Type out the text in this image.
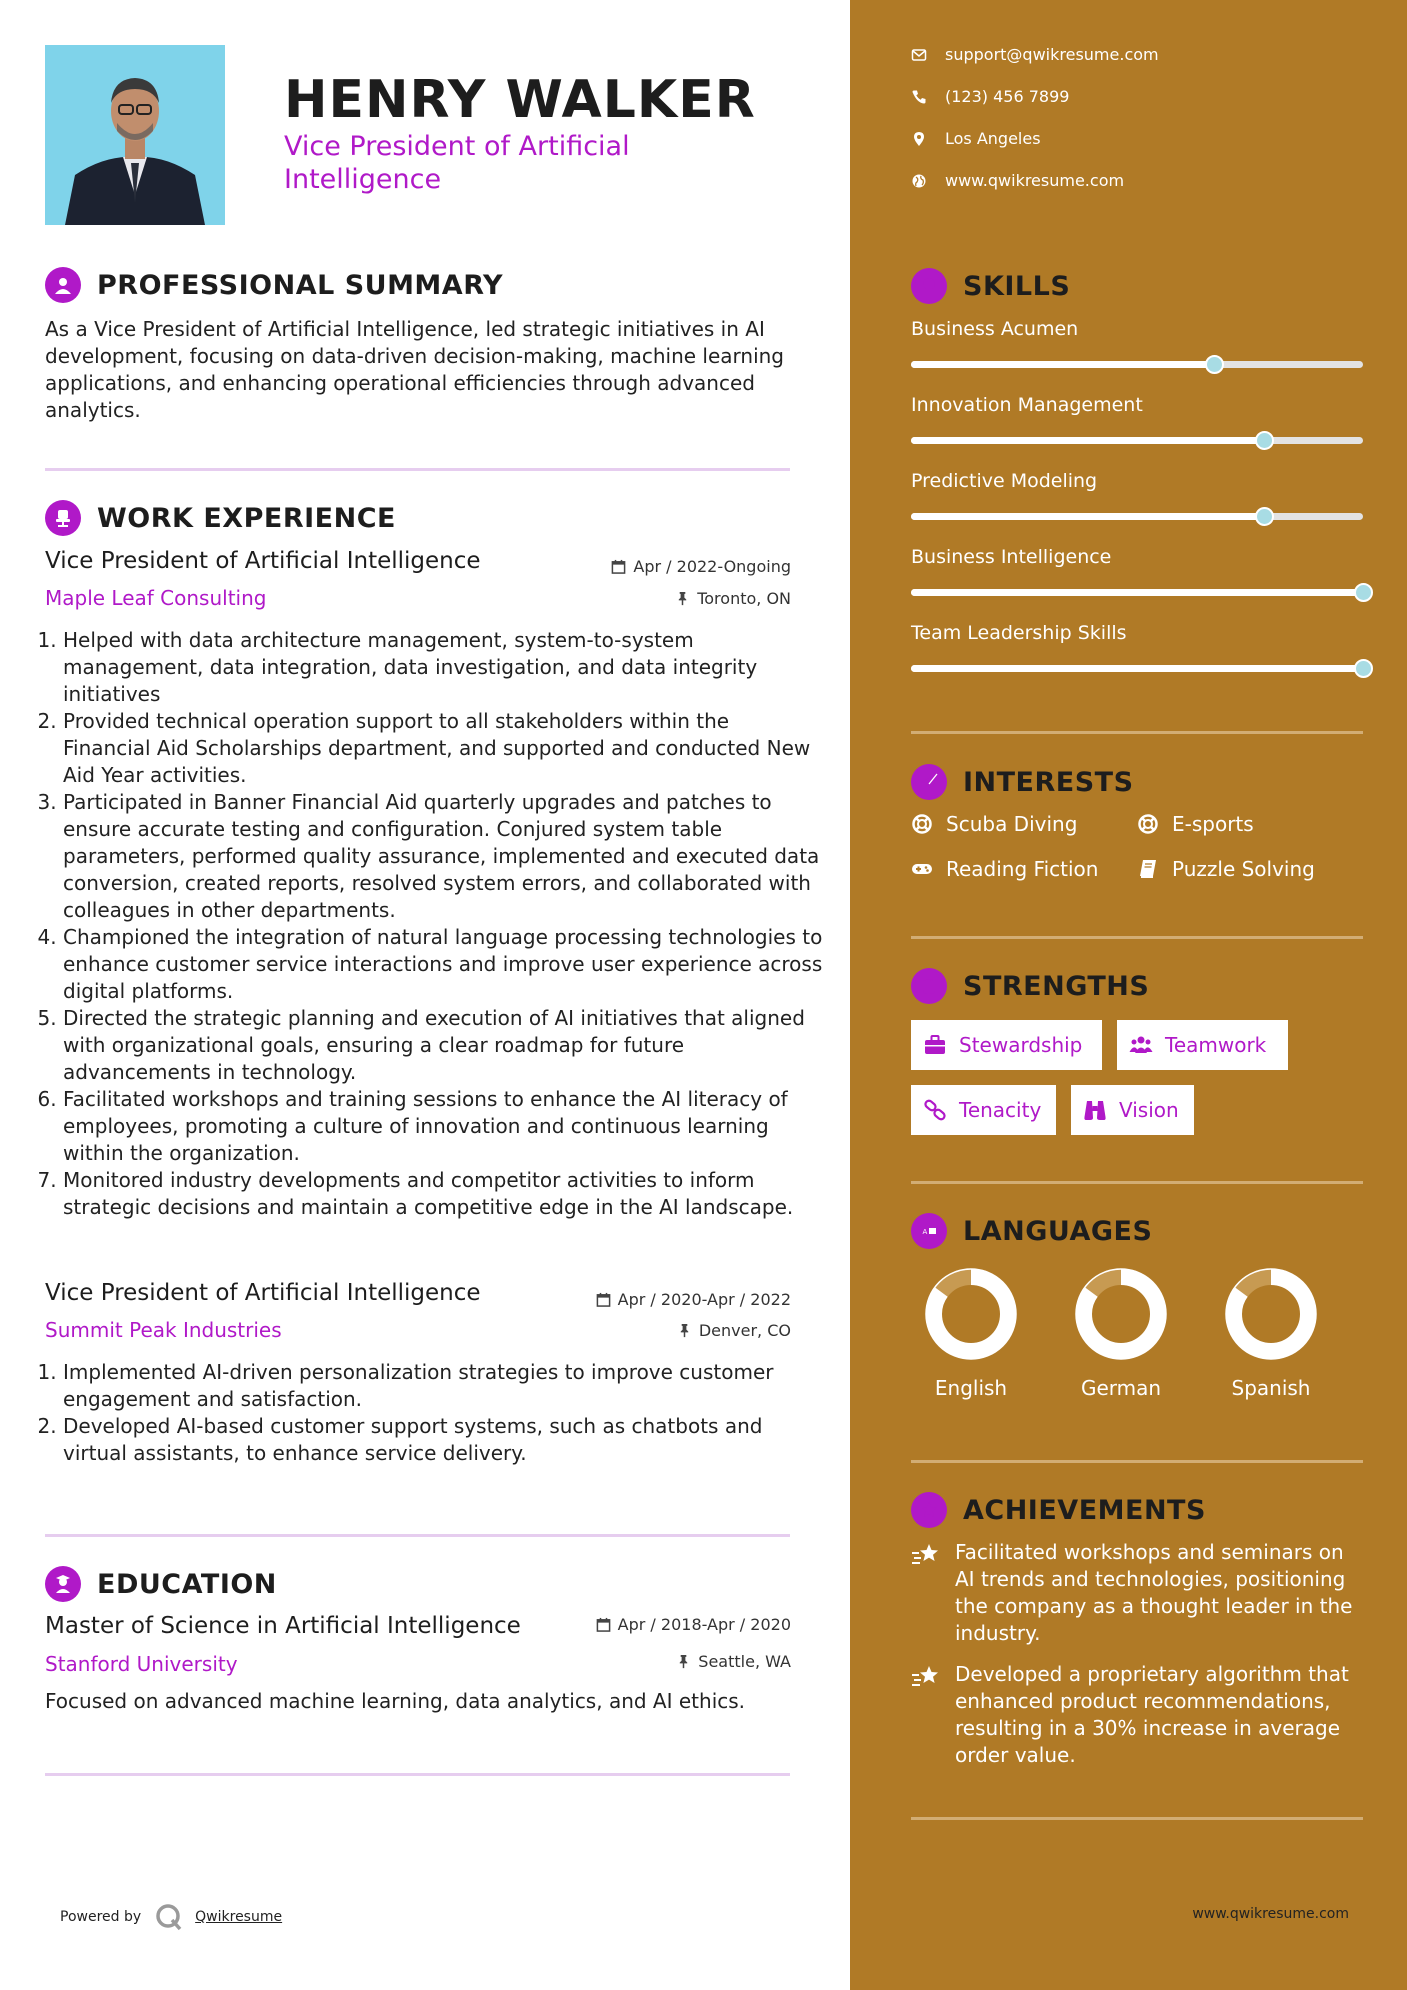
HENRY WALKER
Vice President of Artificial Intelligence
PROFESSIONAL SUMMARY
As a Vice President of Artificial Intelligence, led strategic initiatives in AI development, focusing on data-driven decision-making, machine learning applications, and enhancing operational efficiencies through advanced analytics.
WORK EXPERIENCE
Vice President of Artificial Intelligence	Apr / 2022-Ongoing
Maple Leaf Consulting	Toronto, ON
1. Helped with data architecture management, system-to-system management, data integration, data investigation, and data integrity initiatives
2. Provided technical operation support to all stakeholders within the Financial Aid Scholarships department, and supported and conducted New Aid Year activities.
3. Participated in Banner Financial Aid quarterly upgrades and patches to ensure accurate testing and configuration. Conjured system table parameters, performed quality assurance, implemented and executed data conversion, created reports, resolved system errors, and collaborated with colleagues in other departments.
4. Championed the integration of natural language processing technologies to enhance customer service interactions and improve user experience across digital platforms.
5. Directed the strategic planning and execution of AI initiatives that aligned with organizational goals, ensuring a clear roadmap for future advancements in technology.
6. Facilitated workshops and training sessions to enhance the AI literacy of employees, promoting a culture of innovation and continuous learning within the organization.
7. Monitored industry developments and competitor activities to inform strategic decisions and maintain a competitive edge in the AI landscape.
Vice President of Artificial Intelligence	Apr / 2020-Apr / 2022
Summit Peak Industries	Denver, CO
1. Implemented AI-driven personalization strategies to improve customer engagement and satisfaction.
2. Developed AI-based customer support systems, such as chatbots and virtual assistants, to enhance service delivery.
EDUCATION
Master of Science in Artificial Intelligence	Apr / 2018-Apr / 2020
Stanford University	Seattle, WA
Focused on advanced machine learning, data analytics, and AI ethics.
Powered by	Qwikresume
support@qwikresume.com
(123) 456 7899
Los Angeles
www.qwikresume.com
SKILLS
Business Acumen
Innovation Management
Predictive Modeling
Business Intelligence
Team Leadership Skills
INTERESTS
Scuba Diving	E-sports
Reading Fiction	Puzzle Solving
STRENGTHS
Stewardship	Teamwork
Tenacity	Vision
A LANGUAGES
English	German	Spanish
ACHIEVEMENTS
Facilitated workshops and seminars on AI trends and technologies, positioning the company as a thought leader in the industry.
Developed a proprietary algorithm that enhanced product recommendations, resulting in a 30% increase in average order value.
www.qwikresume.com
